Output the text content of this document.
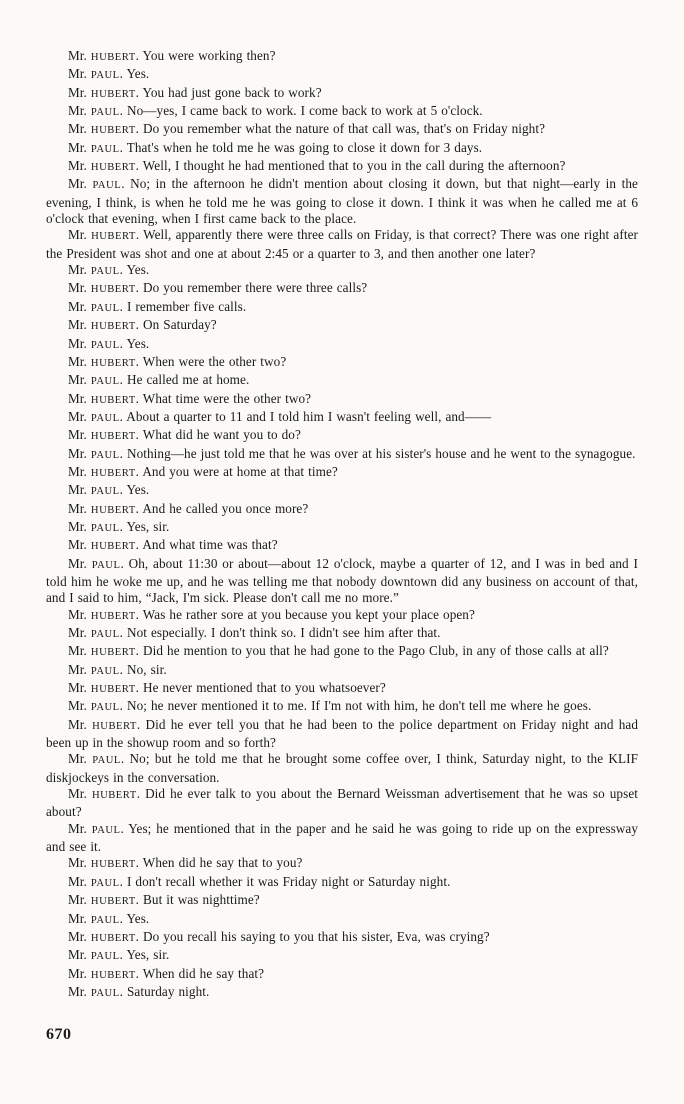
Mr. HUBERT. You were working then?

Mr. PAUL. Yes.

Mr. HUBERT. You had just gone back to work?

Mr. PAUL. No—yes, I came back to work. I come back to work at 5 o'clock.

Mr. HUBERT. Do you remember what the nature of that call was, that's on Friday night?

Mr. PAUL. That's when he told me he was going to close it down for 3 days.

Mr. HUBERT. Well, I thought he had mentioned that to you in the call during the afternoon?

Mr. PAUL. No; in the afternoon he didn't mention about closing it down, but that night—early in the evening, I think, is when he told me he was going to close it down. I think it was when he called me at 6 o'clock that evening, when I first came back to the place.

Mr. HUBERT. Well, apparently there were three calls on Friday, is that correct? There was one right after the President was shot and one at about 2:45 or a quarter to 3, and then another one later?

Mr. PAUL. Yes.

Mr. HUBERT. Do you remember there were three calls?

Mr. PAUL. I remember five calls.

Mr. HUBERT. On Saturday?

Mr. PAUL. Yes.

Mr. HUBERT. When were the other two?

Mr. PAUL. He called me at home.

Mr. HUBERT. What time were the other two?

Mr. PAUL. About a quarter to 11 and I told him I wasn't feeling well, and——

Mr. HUBERT. What did he want you to do?

Mr. PAUL. Nothing—he just told me that he was over at his sister's house and he went to the synagogue.

Mr. HUBERT. And you were at home at that time?

Mr. PAUL. Yes.

Mr. HUBERT. And he called you once more?

Mr. PAUL. Yes, sir.

Mr. HUBERT. And what time was that?

Mr. PAUL. Oh, about 11:30 or about—about 12 o'clock, maybe a quarter of 12, and I was in bed and I told him he woke me up, and he was telling me that nobody downtown did any business on account of that, and I said to him, “Jack, I'm sick. Please don't call me no more.”

Mr. HUBERT. Was he rather sore at you because you kept your place open?

Mr. PAUL. Not especially. I don't think so. I didn't see him after that.

Mr. HUBERT. Did he mention to you that he had gone to the Pago Club, in any of those calls at all?

Mr. PAUL. No, sir.

Mr. HUBERT. He never mentioned that to you whatsoever?

Mr. PAUL. No; he never mentioned it to me. If I'm not with him, he don't tell me where he goes.

Mr. HUBERT. Did he ever tell you that he had been to the police department on Friday night and had been up in the showup room and so forth?

Mr. PAUL. No; but he told me that he brought some coffee over, I think, Saturday night, to the KLIF diskjockeys in the conversation.

Mr. HUBERT. Did he ever talk to you about the Bernard Weissman advertisement that he was so upset about?

Mr. PAUL. Yes; he mentioned that in the paper and he said he was going to ride up on the expressway and see it.

Mr. HUBERT. When did he say that to you?

Mr. PAUL. I don't recall whether it was Friday night or Saturday night.

Mr. HUBERT. But it was nighttime?

Mr. PAUL. Yes.

Mr. HUBERT. Do you recall his saying to you that his sister, Eva, was crying?

Mr. PAUL. Yes, sir.

Mr. HUBERT. When did he say that?

Mr. PAUL. Saturday night.

670
